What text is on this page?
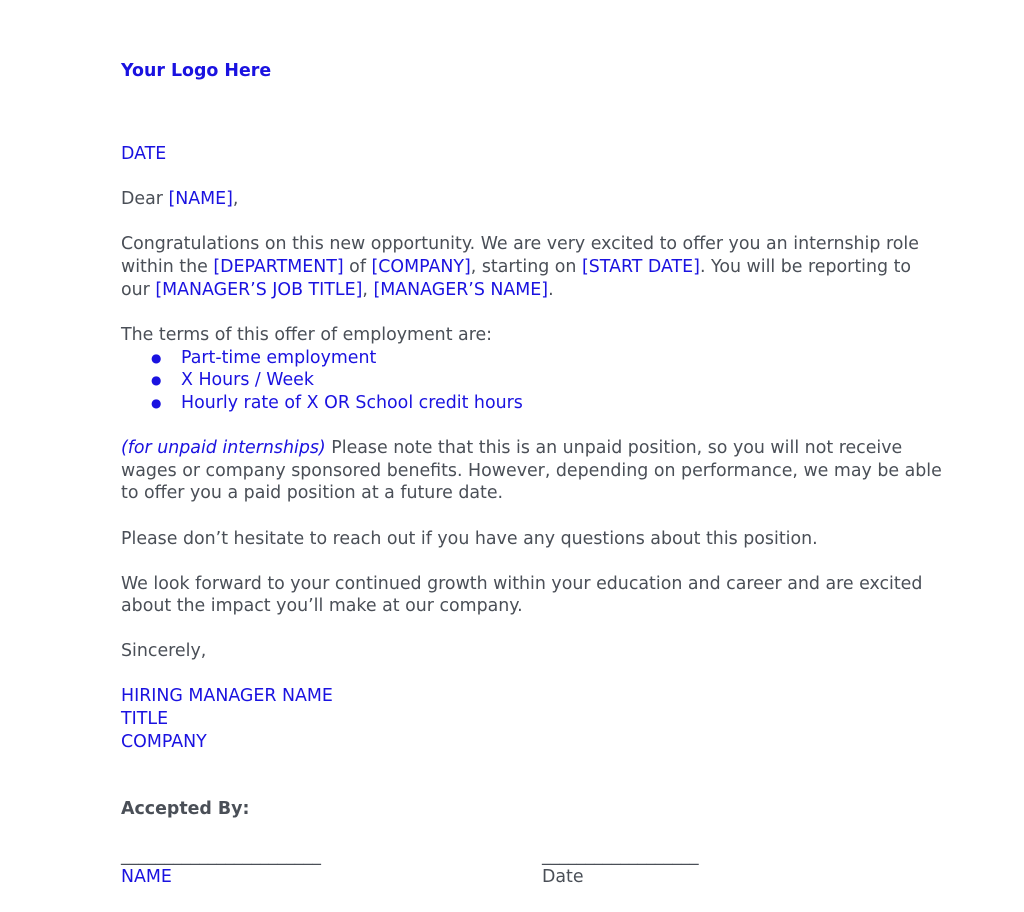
Your Logo Here
DATE
Dear [NAME],
Congratulations on this new opportunity. We are very excited to offer you an internship role
within the [DEPARTMENT] of [COMPANY], starting on [START DATE]. You will be reporting to
our [MANAGER’S JOB TITLE], [MANAGER’S NAME].
The terms of this offer of employment are:
● Part-time employment
● X Hours / Week
● Hourly rate of X OR School credit hours
(for unpaid internships) Please note that this is an unpaid position, so you will not receive
wages or company sponsored benefits. However, depending on performance, we may be able
to offer you a paid position at a future date.
Please don’t hesitate to reach out if you have any questions about this position.
We look forward to your continued growth within your education and career and are excited
about the impact you’ll make at our company.
Sincerely,
HIRING MANAGER NAME
TITLE
COMPANY
Accepted By:
_______________________
NAME
__________________
Date
